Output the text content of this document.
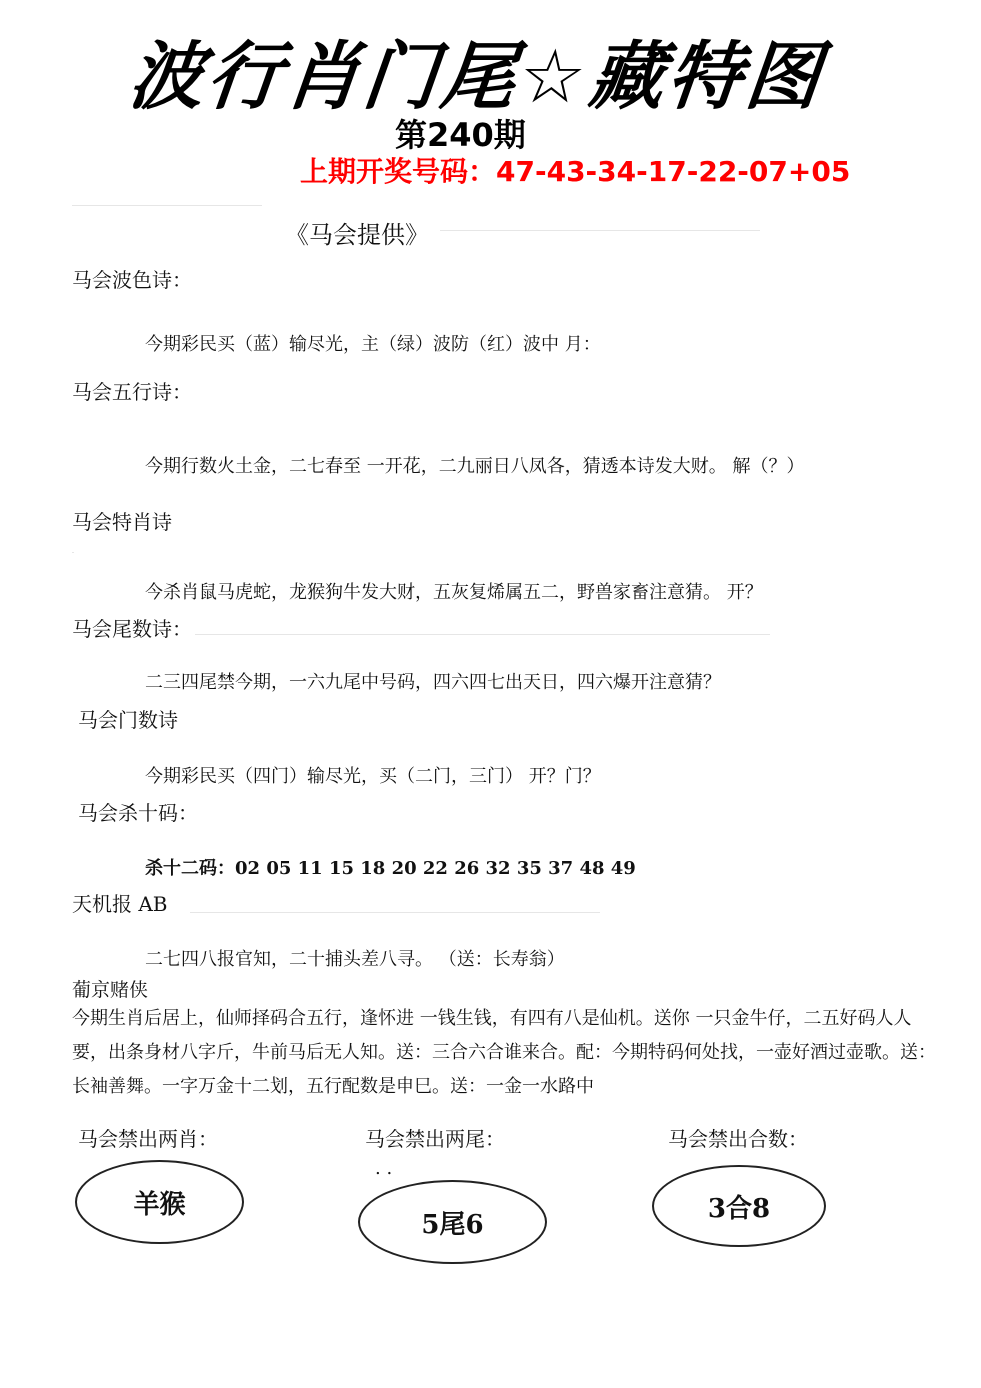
波行肖门尾☆藏特图
第240期
上期开奖号码：47-43-34-17-22-07+05
《马会提供》
马会波色诗：
今期彩民买（蓝）输尽光，主（绿）波防（红）波中 月：
马会五行诗：
今期行数火土金，二七春至 一开花，二九丽日八凤各，猜透本诗发大财。 解（？）
马会特肖诗
今杀肖鼠马虎蛇，龙猴狗牛发大财，五灰复烯属五二，野兽家畜注意猜。 开？
马会尾数诗：
二三四尾禁今期，一六九尾中号码，四六四七出天日，四六爆开注意猜？
马会门数诗
今期彩民买（四门）输尽光，买（二门，三门） 开？门？
马会杀十码：
杀十二码：02 05 11 15 18 20 22 26 32 35 37 48 49
天机报 AB
二七四八报官知，二十捕头差八寻。 （送：长寿翁）
葡京赌侠
今期生肖后居上，仙师择码合五行，逢怀进 一钱生钱，有四有八是仙机。送你 一只金牛仔，二五好码人人要，出条身材八字斤，牛前马后无人知。送：三合六合谁来合。配：今期特码何处找，一壶好酒过壶歌。送：长袖善舞。一字万金十二划，五行配数是申巳。送：一金一水路中
马会禁出两肖：	马会禁出两尾：	马会禁出合数：
. .
羊猴
5尾6
3合8
